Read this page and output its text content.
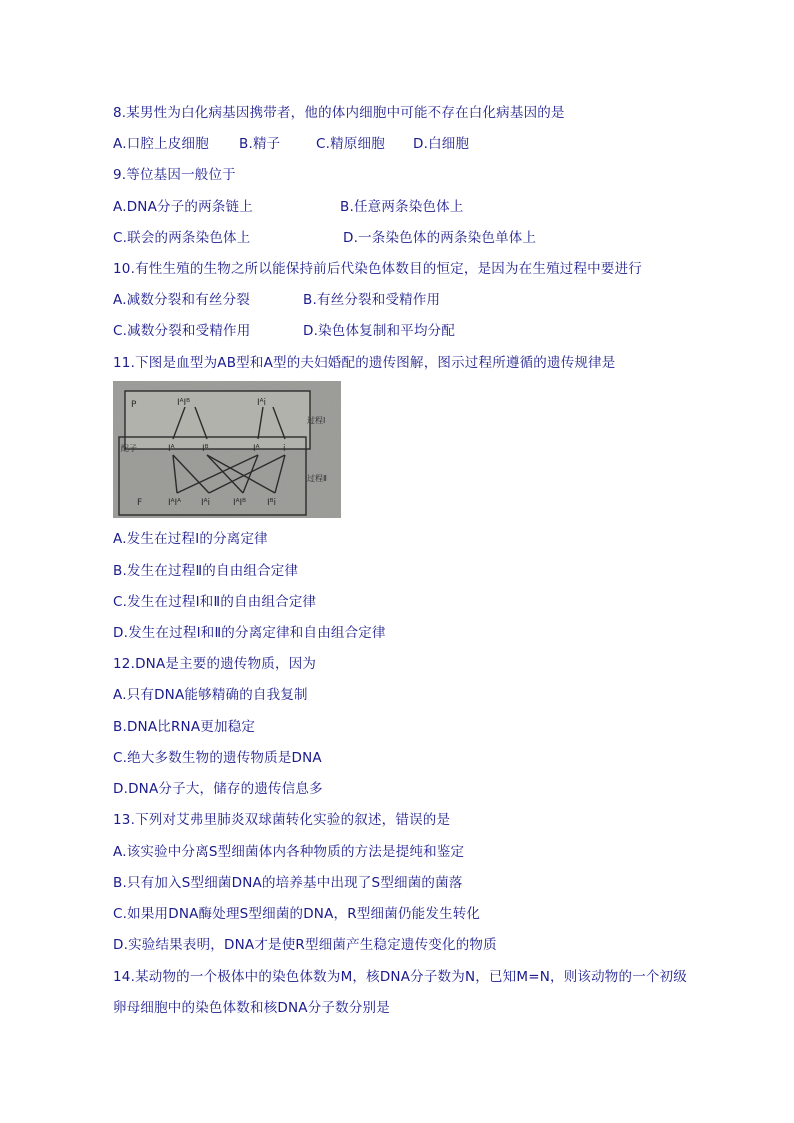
8.某男性为白化病基因携带者，他的体内细胞中可能不存在白化病基因的是
A.口腔上皮细胞 B.精子	C.精原细胞 D.白细胞
9.等位基因一般位于
A.DNA分子的两条链上	B.任意两条染色体上
C.联会的两条染色体上	D.一条染色体的两条染色单体上
10.有性生殖的生物之所以能保持前后代染色体数目的恒定，是因为在生殖过程中要进行
A.减数分裂和有丝分裂	B.有丝分裂和受精作用
C.减数分裂和受精作用	D.染色体复制和平均分配
11.下图是血型为AB型和A型的夫妇婚配的遗传图解，图示过程所遵循的遗传规律是
P	IᴬIᴮ	Iᴬi
过程Ⅰ
配子	Iᴬ	Iᴮ	Iᴬ	i
F	IᴬIᴬ Iᴬi	IᴬIᴮ Iᴮi
过程Ⅱ
A.发生在过程Ⅰ的分离定律
B.发生在过程Ⅱ的自由组合定律
C.发生在过程Ⅰ和Ⅱ的自由组合定律
D.发生在过程Ⅰ和Ⅱ的分离定律和自由组合定律
12.DNA是主要的遗传物质，因为
A.只有DNA能够精确的自我复制
B.DNA比RNA更加稳定
C.绝大多数生物的遗传物质是DNA
D.DNA分子大，储存的遗传信息多
13.下列对艾弗里肺炎双球菌转化实验的叙述，错误的是
A.该实验中分离S型细菌体内各种物质的方法是提纯和鉴定
B.只有加入S型细菌DNA的培养基中出现了S型细菌的菌落
C.如果用DNA酶处理S型细菌的DNA，R型细菌仍能发生转化
D.实验结果表明，DNA才是使R型细菌产生稳定遗传变化的物质
14.某动物的一个极体中的染色体数为M，核DNA分子数为N，已知M=N，则该动物的一个初级
卵母细胞中的染色体数和核DNA分子数分别是
